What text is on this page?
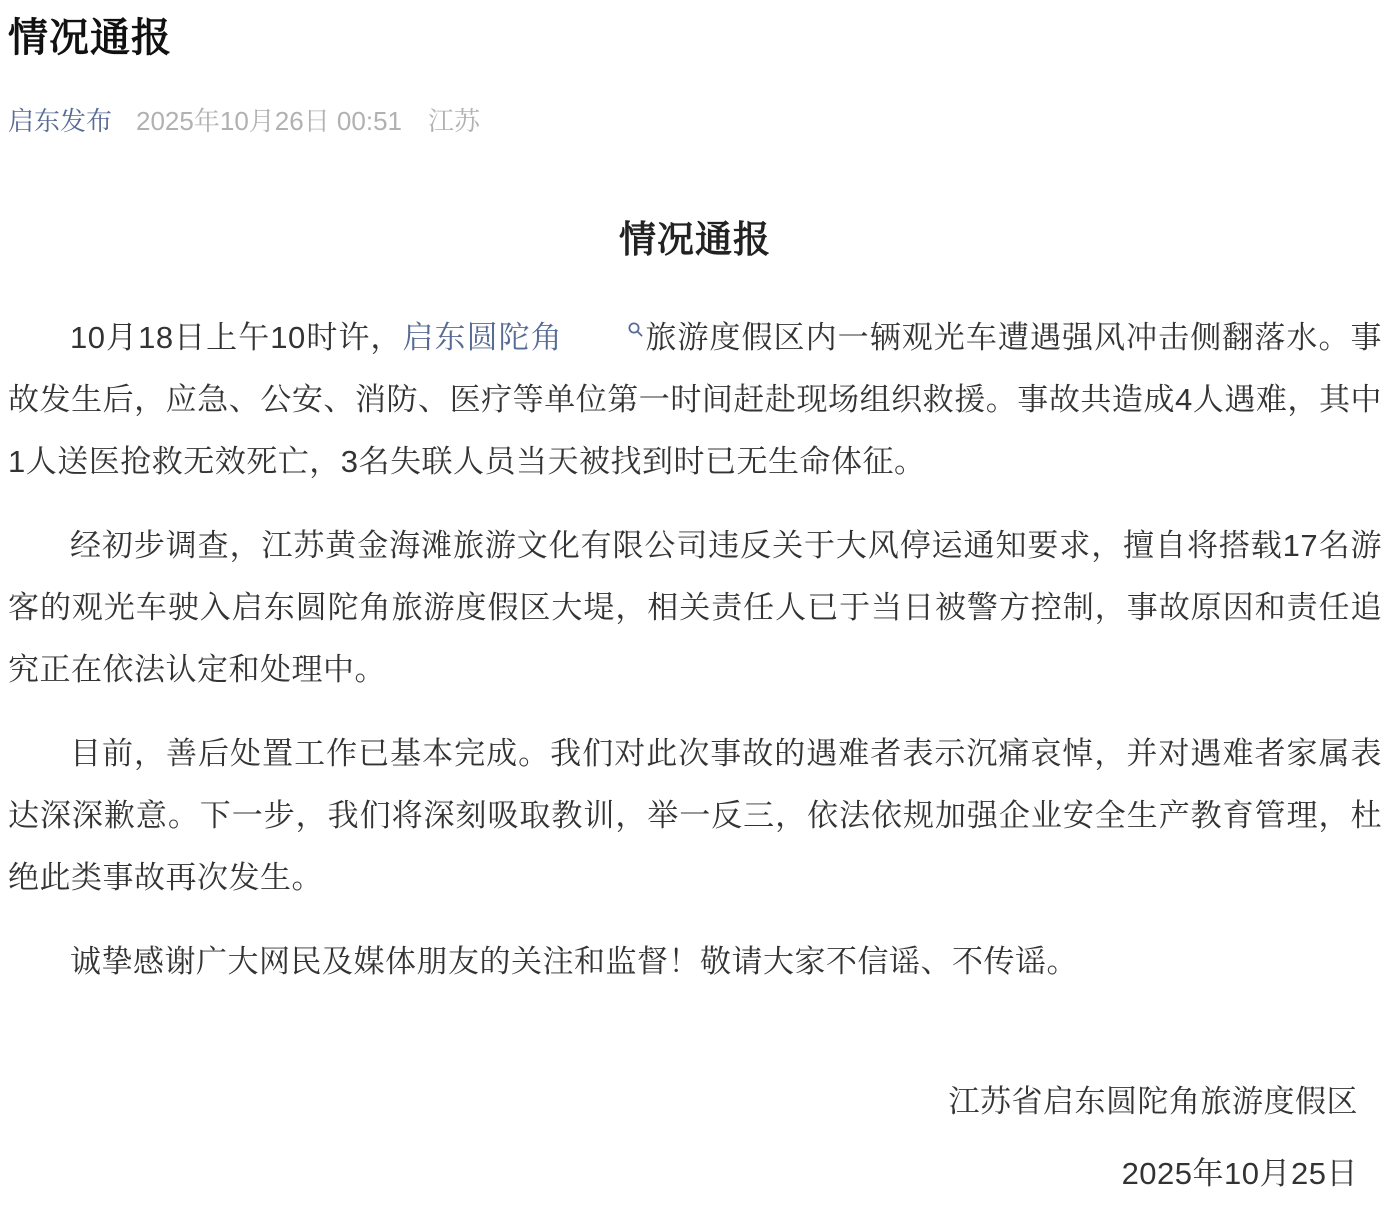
情况通报
启东发布 2025年10月26日 00:51 江苏
情况通报

10月18日上午10时许，启东圆陀角	旅游度假区内一辆观光车遭遇强风冲击侧翻落水。事故发生后，应急、公安、消防、医疗等单位第一时间赶赴现场组织救援。事故共造成4人遇难，其中1人送医抢救无效死亡，3名失联人员当天被找到时已无生命体征。

经初步调查，江苏黄金海滩旅游文化有限公司违反关于大风停运通知要求，擅自将搭载17名游客的观光车驶入启东圆陀角旅游度假区大堤，相关责任人已于当日被警方控制，事故原因和责任追究正在依法认定和处理中。

目前，善后处置工作已基本完成。我们对此次事故的遇难者表示沉痛哀悼，并对遇难者家属表达深深歉意。下一步，我们将深刻吸取教训，举一反三，依法依规加强企业安全生产教育管理，杜绝此类事故再次发生。

诚挚感谢广大网民及媒体朋友的关注和监督！敬请大家不信谣、不传谣。

江苏省启东圆陀角旅游度假区
2025年10月25日
